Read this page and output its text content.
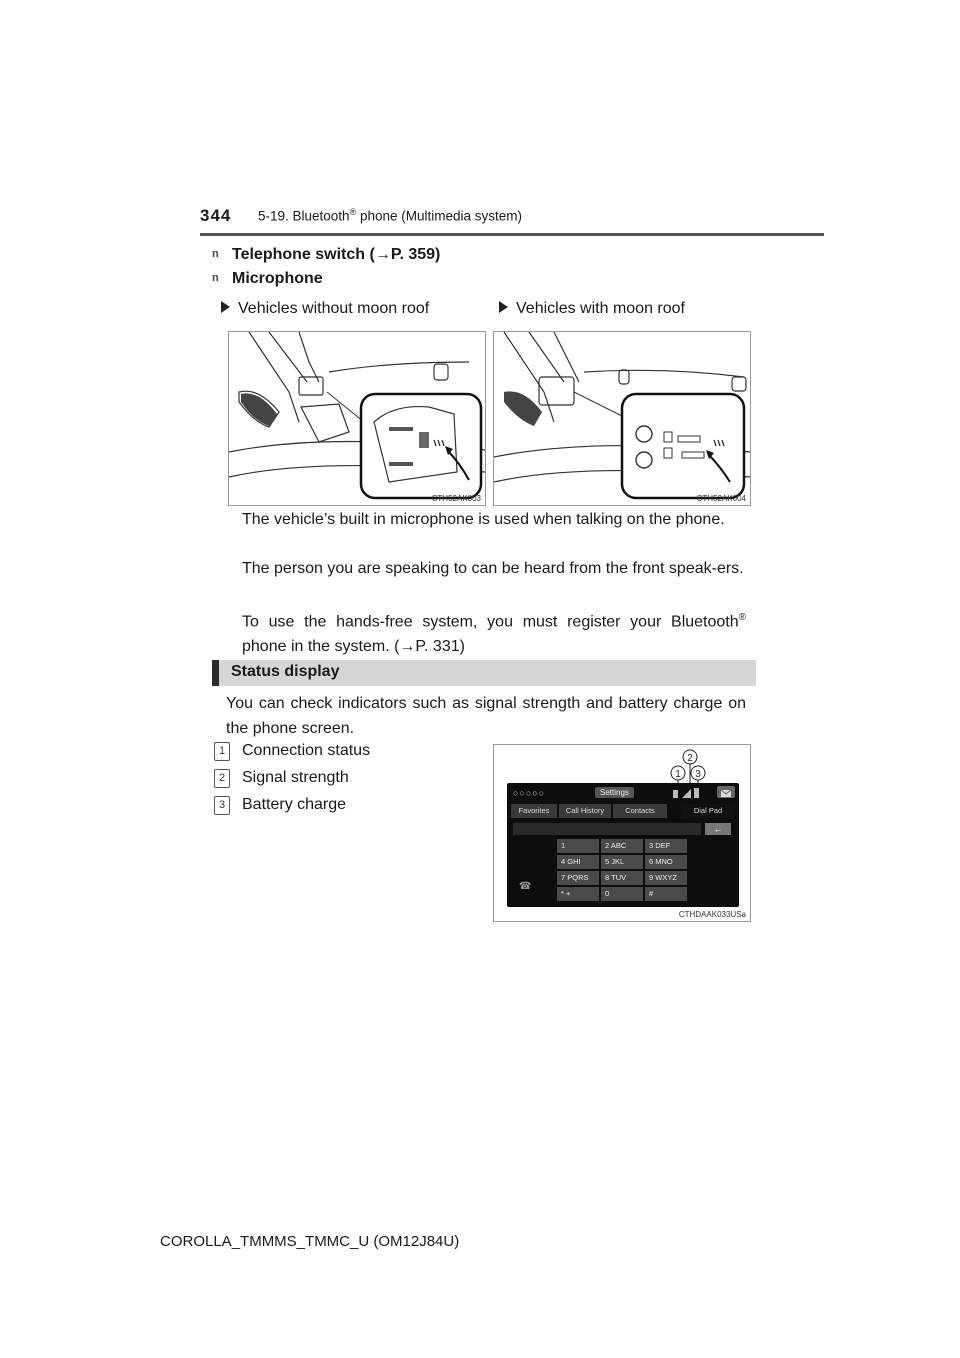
344 5-19. Bluetooth® phone (Multimedia system)
n Telephone switch (→P. 359)
n Microphone
Vehicles without moon roof	Vehicles with moon roof
CTH52AK003	CTH52AK004
The vehicle’s built in microphone is used when talking on the phone.
The person you are speaking to can be heard from the front speak-ers.
To use the hands-free system, you must register your Bluetooth® phone in the system. (→P. 331)
Status display
You can check indicators such as signal strength and battery charge on the phone screen.
1 Connection status
2 Signal strength
3 Battery charge
2
1 3
○○○○○	Settings
Favorites	Call History	Contacts	Dial Pad
←
☎
1	2 ABC	3 DEF
4 GHI	5 JKL	6 MNO
7 PQRS	8 TUV	9 WXYZ
* +	0	#
CTHDAAK033USa
COROLLA_TMMMS_TMMC_U (OM12J84U)
